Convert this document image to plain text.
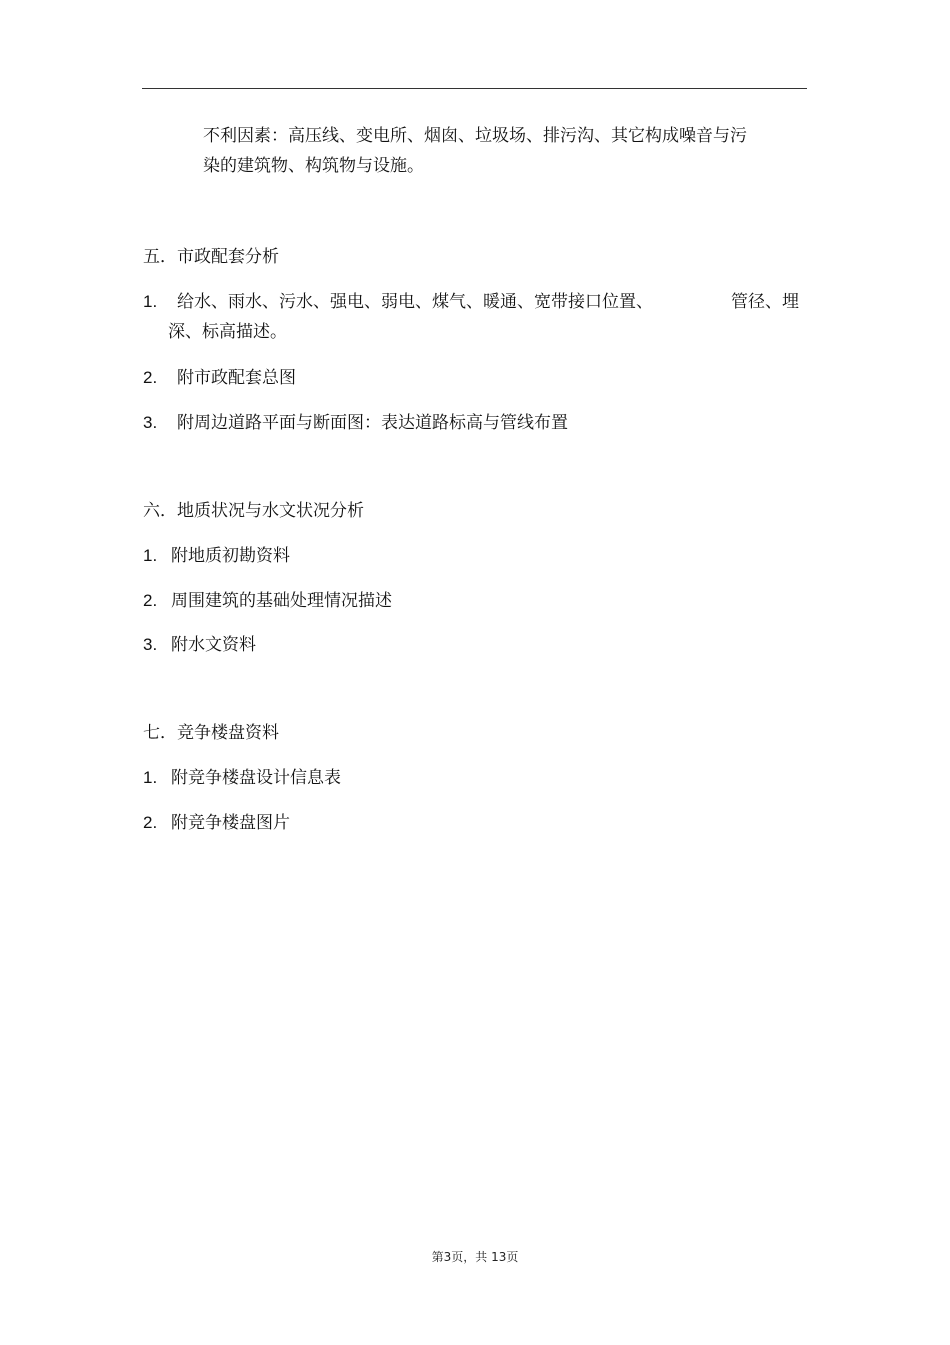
不利因素：高压线、变电所、烟囱、垃圾场、排污沟、其它构成噪音与污
染的建筑物、构筑物与设施。
五．市政配套分析
1. 给水、雨水、污水、强电、弱电、煤气、暖通、宽带接口位置、	管径、埋
深、标高描述。
2. 附市政配套总图
3. 附周边道路平面与断面图：表达道路标高与管线布置
六．地质状况与水文状况分析
1. 附地质初勘资料
2. 周围建筑的基础处理情况描述
3. 附水文资料
七．竞争楼盘资料
1. 附竞争楼盘设计信息表
2. 附竞争楼盘图片
第3页，共 13页
